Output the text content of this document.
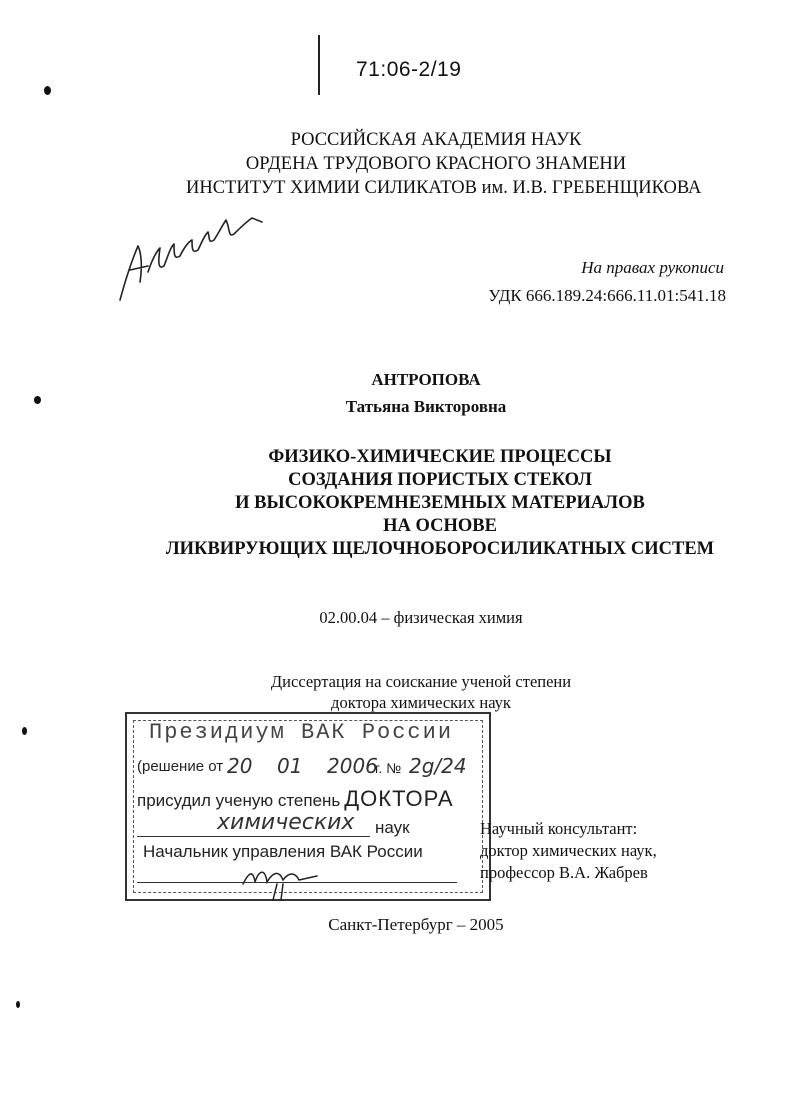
71:06-2/19
РОССИЙСКАЯ АКАДЕМИЯ НАУК
ОРДЕНА ТРУДОВОГО КРАСНОГО ЗНАМЕНИ
ИНСТИТУТ ХИМИИ СИЛИКАТОВ им. И.В. ГРЕБЕНЩИКОВА
На правах рукописи
УДК 666.189.24:666.11.01:541.18
АНТРОПОВА
Татьяна Викторовна
ФИЗИКО-ХИМИЧЕСКИЕ ПРОЦЕССЫ
СОЗДАНИЯ ПОРИСТЫХ СТЕКОЛ
И ВЫСОКОКРЕМНЕЗЕМНЫХ МАТЕРИАЛОВ
НА ОСНОВЕ
ЛИКВИРУЮЩИХ ЩЕЛОЧНОБОРОСИЛИКАТНЫХ СИСТЕМ
02.00.04 – физическая химия
Диссертация на соискание ученой степени
доктора химических наук
Президиум ВАК России
(решение от 20 01 2006
г. № 2g/24
присудил ученую степень ДОКТОРА
химических наук
Начальник управления ВАК России
Научный консультант:
доктор химических наук,
профессор В.А. Жабрев
Санкт-Петербург – 2005
